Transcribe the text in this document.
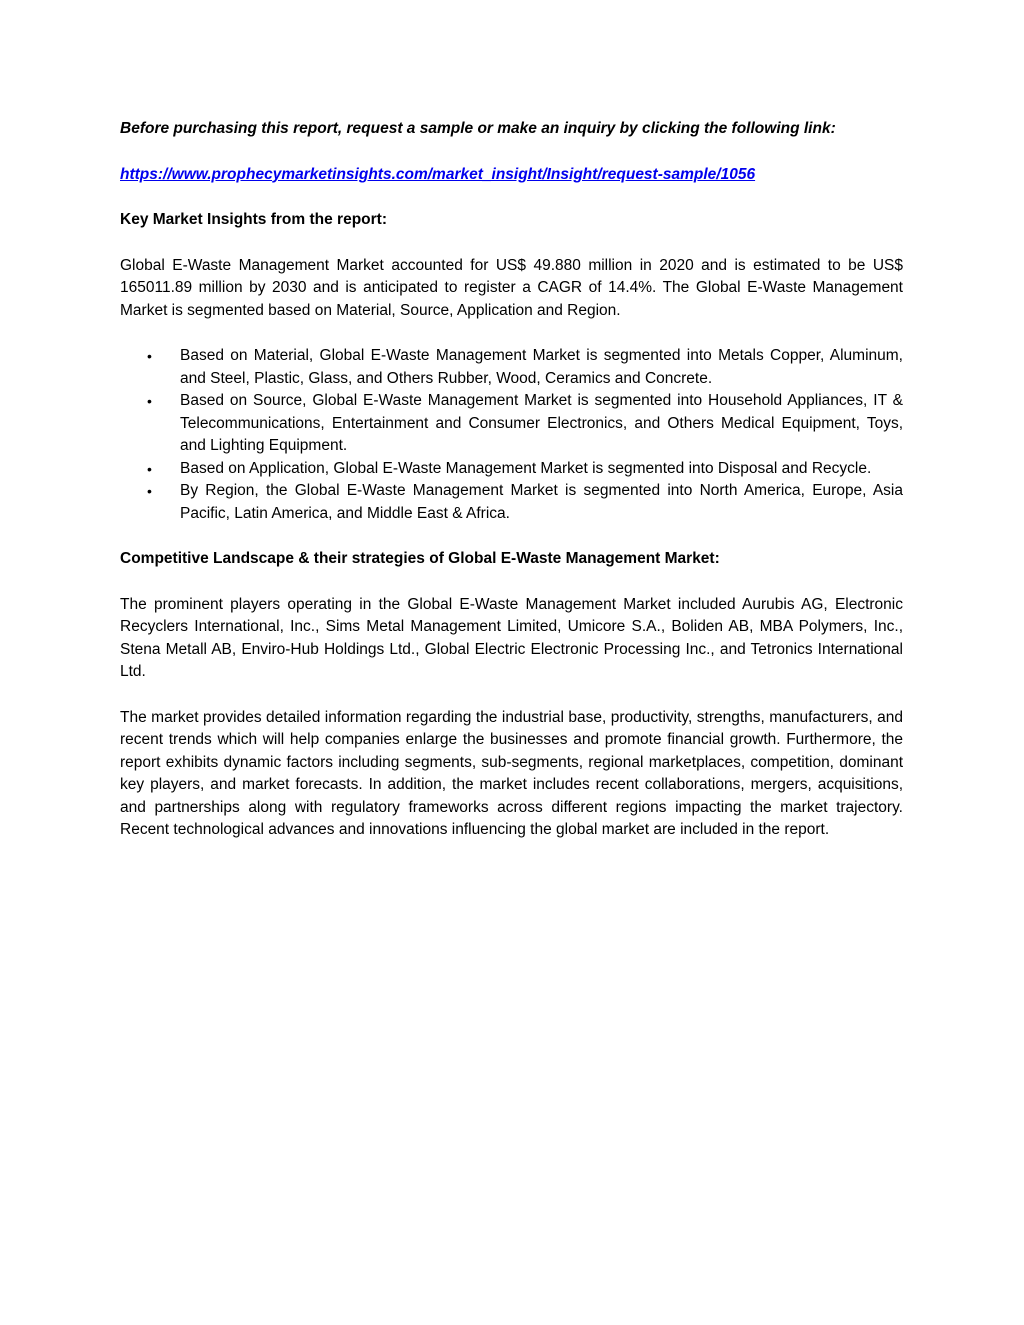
Before purchasing this report, request a sample or make an inquiry by clicking the following link:

https://www.prophecymarketinsights.com/market_insight/Insight/request-sample/1056

Key Market Insights from the report:

Global E-Waste Management Market accounted for US$ 49.880 million in 2020 and is estimated to be US$ 165011.89 million by 2030 and is anticipated to register a CAGR of 14.4%. The Global E-Waste Management Market is segmented based on Material, Source, Application and Region.

• Based on Material, Global E-Waste Management Market is segmented into Metals Copper, Aluminum, and Steel, Plastic, Glass, and Others Rubber, Wood, Ceramics and Concrete.
• Based on Source, Global E-Waste Management Market is segmented into Household Appliances, IT & Telecommunications, Entertainment and Consumer Electronics, and Others Medical Equipment, Toys, and Lighting Equipment.
• Based on Application, Global E-Waste Management Market is segmented into Disposal and Recycle.
• By Region, the Global E-Waste Management Market is segmented into North America, Europe, Asia Pacific, Latin America, and Middle East & Africa.

Competitive Landscape & their strategies of Global E-Waste Management Market:

The prominent players operating in the Global E-Waste Management Market included Aurubis AG, Electronic Recyclers International, Inc., Sims Metal Management Limited, Umicore S.A., Boliden AB, MBA Polymers, Inc., Stena Metall AB, Enviro-Hub Holdings Ltd., Global Electric Electronic Processing Inc., and Tetronics International Ltd.

The market provides detailed information regarding the industrial base, productivity, strengths, manufacturers, and recent trends which will help companies enlarge the businesses and promote financial growth. Furthermore, the report exhibits dynamic factors including segments, sub-segments, regional marketplaces, competition, dominant key players, and market forecasts. In addition, the market includes recent collaborations, mergers, acquisitions, and partnerships along with regulatory frameworks across different regions impacting the market trajectory. Recent technological advances and innovations influencing the global market are included in the report.
